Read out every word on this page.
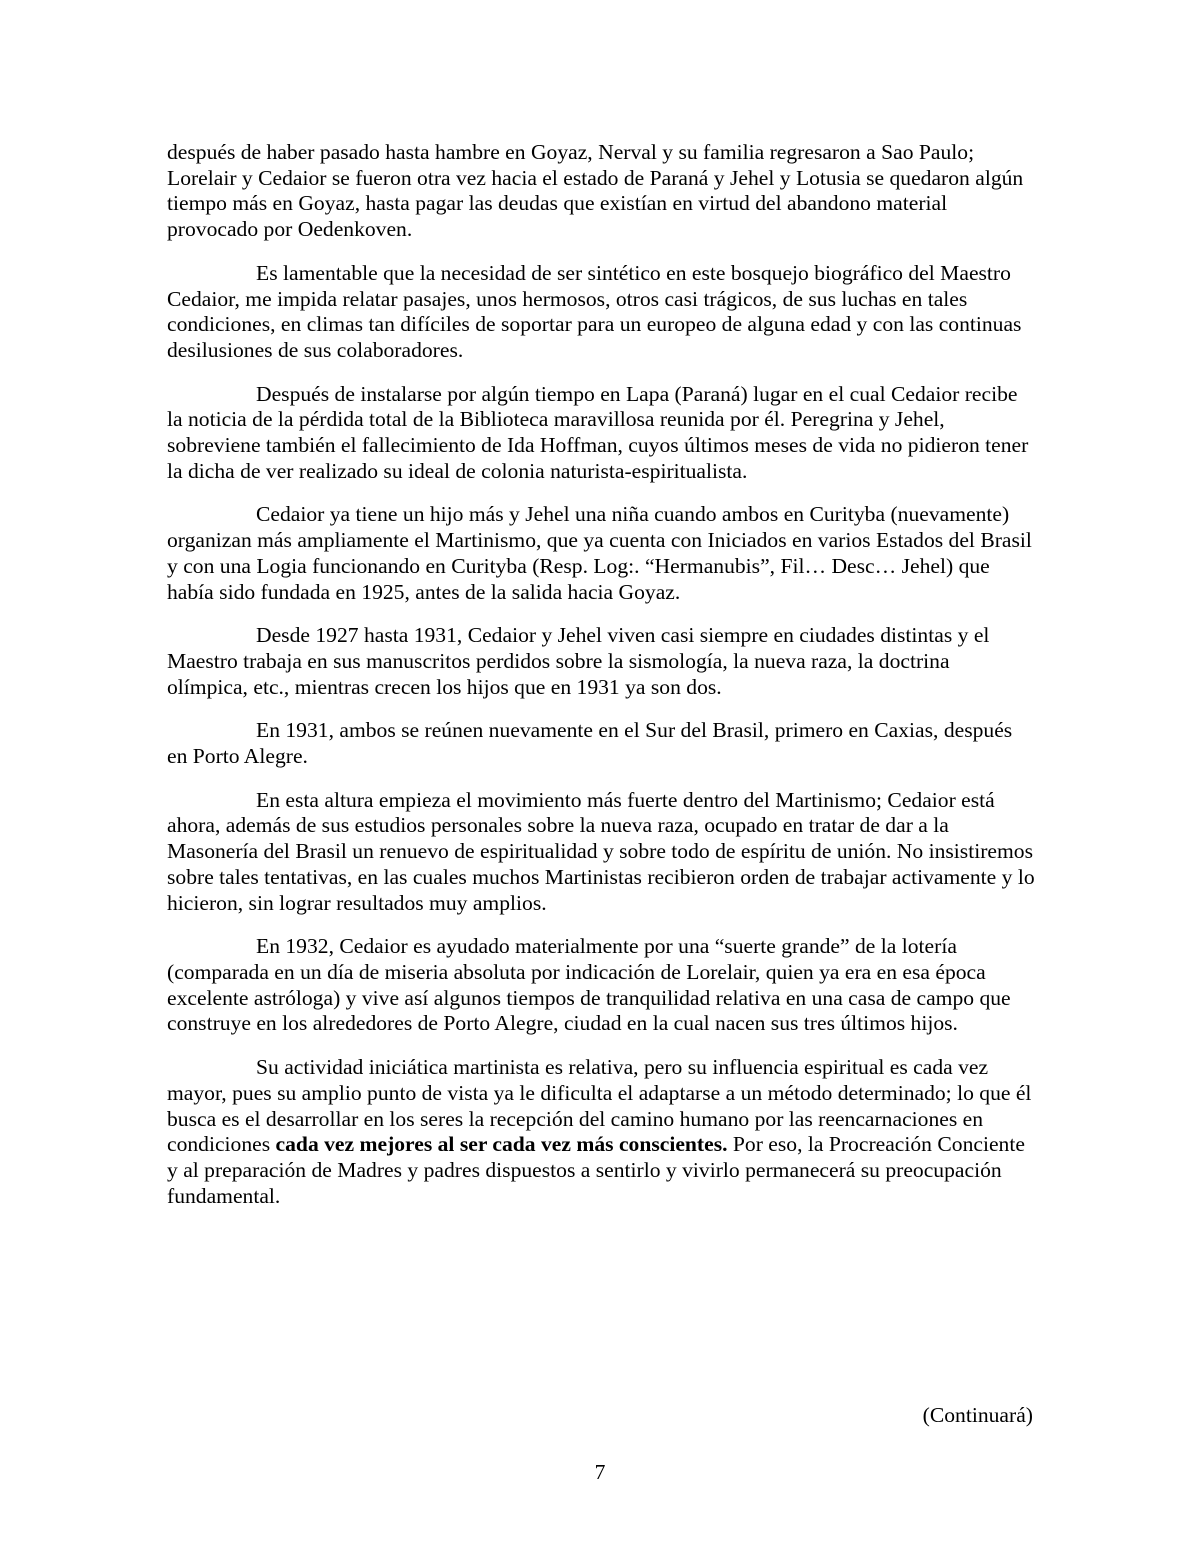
después de haber pasado hasta hambre en Goyaz, Nerval y su familia regresaron a Sao Paulo; Lorelair y Cedaior se fueron otra vez hacia el estado de Paraná y Jehel y Lotusia se quedaron algún tiempo más en Goyaz, hasta pagar las deudas que existían en virtud del abandono material provocado por Oedenkoven.

Es lamentable que la necesidad de ser sintético en este bosquejo biográfico del Maestro Cedaior, me impida relatar pasajes, unos hermosos, otros casi trágicos, de sus luchas en tales condiciones, en climas tan difíciles de soportar para un europeo de alguna edad y con las continuas desilusiones de sus colaboradores.

Después de instalarse por algún tiempo en Lapa (Paraná) lugar en el cual Cedaior recibe la noticia de la pérdida total de la Biblioteca maravillosa reunida por él. Peregrina y Jehel, sobreviene también el fallecimiento de Ida Hoffman, cuyos últimos meses de vida no pidieron tener la dicha de ver realizado su ideal de colonia naturista-espiritualista.

Cedaior ya tiene un hijo más y Jehel una niña cuando ambos en Curityba (nuevamente) organizan más ampliamente el Martinismo, que ya cuenta con Iniciados en varios Estados del Brasil y con una Logia funcionando en Curityba (Resp. Log:. “Hermanubis”, Fil… Desc… Jehel) que había sido fundada en 1925, antes de la salida hacia Goyaz.

Desde 1927 hasta 1931, Cedaior y Jehel viven casi siempre en ciudades distintas y el Maestro trabaja en sus manuscritos perdidos sobre la sismología, la nueva raza, la doctrina olímpica, etc., mientras crecen los hijos que en 1931 ya son dos.

En 1931, ambos se reúnen nuevamente en el Sur del Brasil, primero en Caxias, después en Porto Alegre.

En esta altura empieza el movimiento más fuerte dentro del Martinismo; Cedaior está ahora, además de sus estudios personales sobre la nueva raza, ocupado en tratar de dar a la Masonería del Brasil un renuevo de espiritualidad y sobre todo de espíritu de unión. No insistiremos sobre tales tentativas, en las cuales muchos Martinistas recibieron orden de trabajar activamente y lo hicieron, sin lograr resultados muy amplios.

En 1932, Cedaior es ayudado materialmente por una “suerte grande” de la lotería (comparada en un día de miseria absoluta por indicación de Lorelair, quien ya era en esa época excelente astróloga) y vive así algunos tiempos de tranquilidad relativa en una casa de campo que construye en los alrededores de Porto Alegre, ciudad en la cual nacen sus tres últimos hijos.

Su actividad iniciática martinista es relativa, pero su influencia espiritual es cada vez mayor, pues su amplio punto de vista ya le dificulta el adaptarse a un método determinado; lo que él busca es el desarrollar en los seres la recepción del camino humano por las reencarnaciones en condiciones cada vez mejores al ser cada vez más conscientes. Por eso, la Procreación Conciente y al preparación de Madres y padres dispuestos a sentirlo y vivirlo permanecerá su preocupación fundamental.

(Continuará)

7
